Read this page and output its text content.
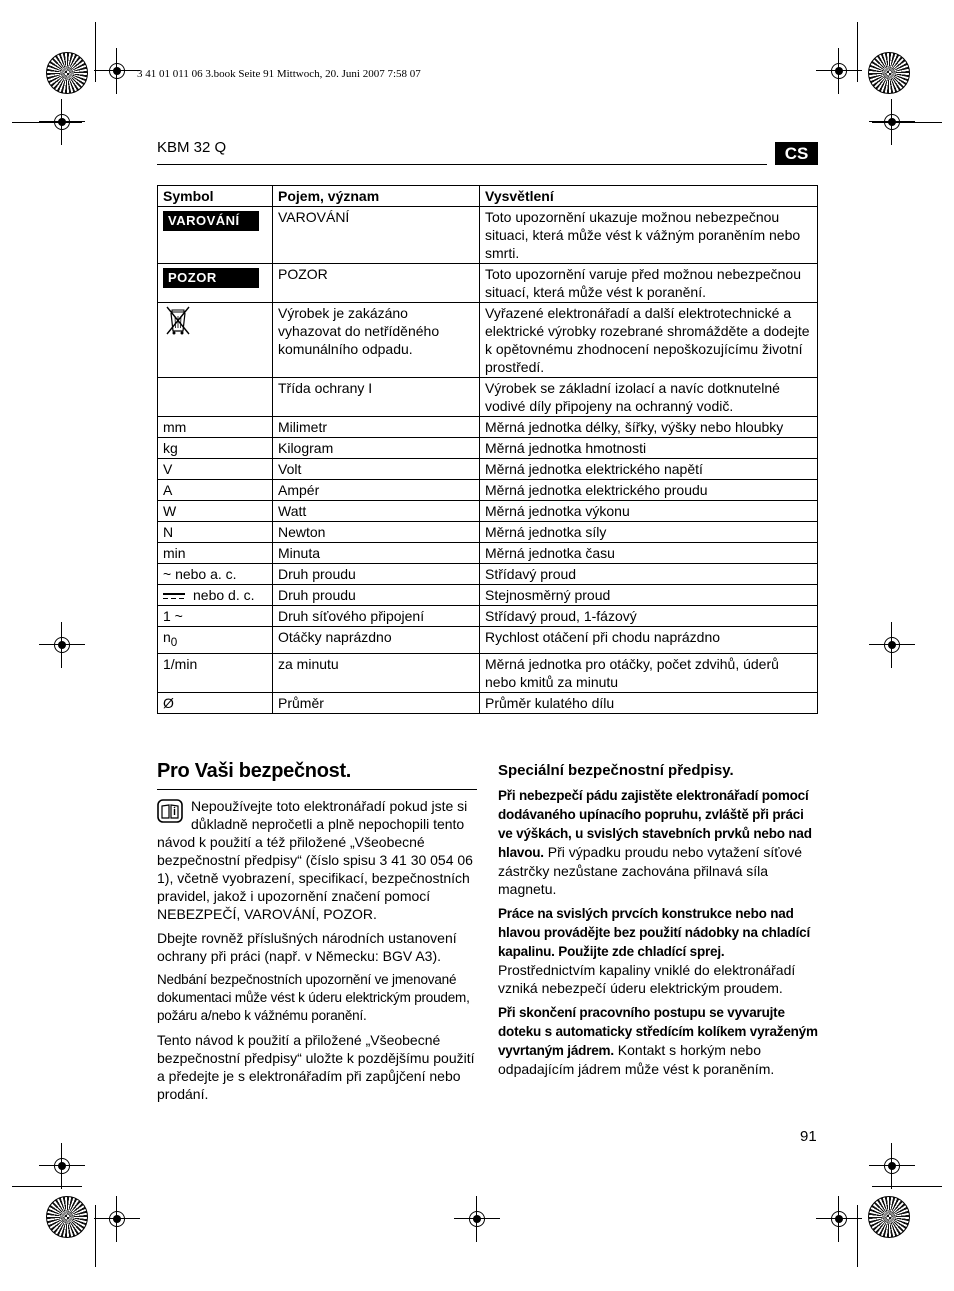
3 41 01 011 06 3.book Seite 91 Mittwoch, 20. Juni 2007 7:58 07
KBM 32 Q	CS
Symbol	Pojem, význam	Vysvětlení
VAROVÁNÍ	VAROVÁNÍ	Toto upozornění ukazuje možnou nebezpečnou situaci, která může vést k vážným poraněním nebo smrti.
POZOR	POZOR	Toto upozornění varuje před možnou nebezpečnou situací, která může vést k poranění.
	Výrobek je zakázáno vyhazovat do netříděného komunálního odpadu.	Vyřazené elektronářadí a další elektrotechnické a elektrické výrobky rozebrané shromážděte a dodejte k opětovnému zhodnocení nepoškozujícímu životní prostředí.
	Třída ochrany I	Výrobek se základní izolací a navíc dotknutelné vodivé díly připojeny na ochranný vodič.
mm	Milimetr	Měrná jednotka délky, šířky, výšky nebo hloubky
kg	Kilogram	Měrná jednotka hmotnosti
V	Volt	Měrná jednotka elektrického napětí
A	Ampér	Měrná jednotka elektrického proudu
W	Watt	Měrná jednotka výkonu
N	Newton	Měrná jednotka síly
min	Minuta	Měrná jednotka času
~ nebo a. c.	Druh proudu	Střídavý proud

nebo d. c.	Druh proudu	Stejnosměrný proud
1 ~	Druh síťového připojení	Střídavý proud, 1-fázový
$n_0$	Otáčky naprázdno	Rychlost otáčení při chodu naprázdno
1/min	za minutu	Měrná jednotka pro otáčky, počet zdvihů, úderů nebo kmitů za minutu
Ø	Průměr	Průměr kulatého dílu
Pro Vaši bezpečnost.

Nepoužívejte toto elektronářadí pokud jste si důkladně nepročetli a plně nepochopili tento návod k použití a též přiložené „Všeobecné bezpečnostní předpisy“ (číslo spisu 3 41 30 054 06 1), včetně vyobrazení, specifikací, bezpečnostních pravidel, jakož i upozornění značení pomocí NEBEZPEČÍ, VAROVÁNÍ, POZOR.

Dbejte rovněž příslušných národních ustanovení ochrany při práci (např. v Německu: BGV A3).

Nedbání bezpečnostních upozornění ve jmenované dokumentaci může vést k úderu elektrickým proudem, požáru a/nebo k vážnému poranění.

Tento návod k použití a přiložené „Všeobecné bezpečnostní předpisy“ uložte k pozdějšímu použití a předejte je s elektronářadím při zapůjčení nebo prodání.

Speciální bezpečnostní předpisy.

Při nebezpečí pádu zajistěte elektronářadí pomocí dodávaného upínacího popruhu, zvláště při práci ve výškách, u svislých stavebních prvků nebo nad hlavou. Při výpadku proudu nebo vytažení síťové zástrčky nezůstane zachována přilnavá síla magnetu.

Práce na svislých prvcích konstrukce nebo nad hlavou provádějte bez použití nádobky na chladící kapalinu. Použijte zde chladící sprej.
Prostřednictvím kapaliny vniklé do elektronářadí vzniká nebezpečí úderu elektrickým proudem.

Při skončení pracovního postupu se vyvarujte doteku s automaticky středícím kolíkem vyraženým vyvrtaným jádrem. Kontakt s horkým nebo odpadajícím jádrem může vést k poraněním.

91
